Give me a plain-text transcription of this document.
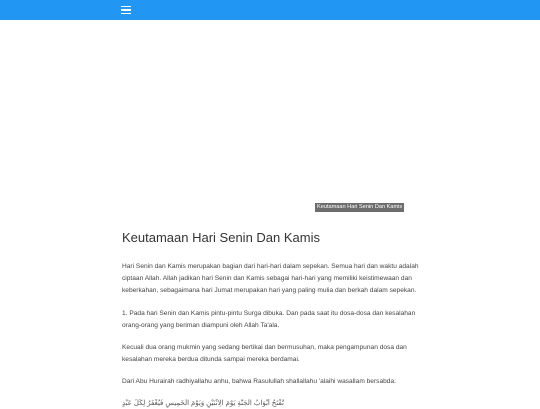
Keutamaan Hari Senin Dan Kamis
Keutamaan Hari Senin Dan Kamis

Hari Senin dan Kamis merupakan bagian dari hari-hari dalam sepekan. Semua hari dan waktu adalah ciptaan Allah. Allah jadikan hari Senin dan Kamis sebagai hari-hari yang memiliki keistimewaan dan keberkahan, sebagaimana hari Jumat merupakan hari yang paling mulia dan berkah dalam sepekan.

1. Pada hari Senin dan Kamis pintu-pintu Surga dibuka. Dan pada saat itu dosa-dosa dan kesalahan orang-orang yang beriman diampuni oleh Allah Ta'ala.

Kecuali dua orang mukmin yang sedang bertikai dan bermusuhan, maka pengampunan dosa dan kesalahan mereka berdua ditunda sampai mereka berdamai.

Dari Abu Hurairah radhiyallahu anhu, bahwa Rasulullah shallallahu 'alaihi wasallam bersabda:

تُفْتَحُ أَبْوَابُ الْجَنَّةِ يَوْمَ الِاثْنَيْنِ وَيَوْمَ الْخَمِيسِ فَيُغْفَرُ لِكُلِّ عَبْدٍ
